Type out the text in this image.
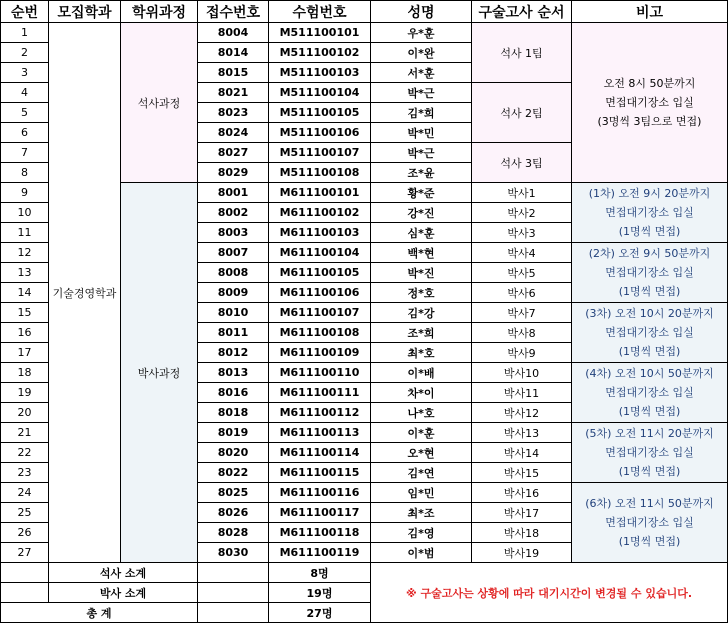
순번	모집학과	학위과정	접수번호	수험번호	성명	구술고사 순서	비고
1	기술경영학과	석사과정	8004	M511100101	우*훈	석사 1팀	오전 8시 50분까지
면접대기장소 입실
(3명씩 3팀으로 면접)

2			8014	M511100102	이*완		
3			8015	M511100103	서*훈		
4			8021	M511100104	박*근	석사 2팀	
5			8023	M511100105	김*희		
6			8024	M511100106	박*민		
7			8027	M511100107	박*근	석사 3팀	
8			8029	M511100108	조*윤		
9		박사과정	8001	M611100101	황*준	박사1	(1차) 오전 9시 20분까지
면접대기장소 입실
(1명씩 면접)

10			8002	M611100102	강*진	박사2	
11			8003	M611100103	심*훈	박사3	
12			8007	M611100104	백*현	박사4	(2차) 오전 9시 50분까지
면접대기장소 입실
(1명씩 면접)

13			8008	M611100105	박*진	박사5	
14			8009	M611100106	정*호	박사6	
15			8010	M611100107	김*강	박사7	(3차) 오전 10시 20분까지
면접대기장소 입실
(1명씩 면접)

16			8011	M611100108	조*희	박사8	
17			8012	M611100109	최*호	박사9	
18			8013	M611100110	이*배	박사10	(4차) 오전 10시 50분까지
면접대기장소 입실
(1명씩 면접)

19			8016	M611100111	차*이	박사11	
20			8018	M611100112	나*호	박사12	
21			8019	M611100113	이*훈	박사13	(5차) 오전 11시 20분까지
면접대기장소 입실
(1명씩 면접)

22			8020	M611100114	오*현	박사14	
23			8022	M611100115	김*연	박사15	
24			8025	M611100116	임*민	박사16	(6차) 오전 11시 50분까지
면접대기장소 입실
(1명씩 면접)

25			8026	M611100117	최*조	박사17	
26			8028	M611100118	김*영	박사18	
27			8030	M611100119	이*범	박사19	
	석사 소계			8명	※ 구술고사는 상황에 따라 대기시간이 변경될 수 있습니다.		
	박사 소계			19명			
총 계				27명			
